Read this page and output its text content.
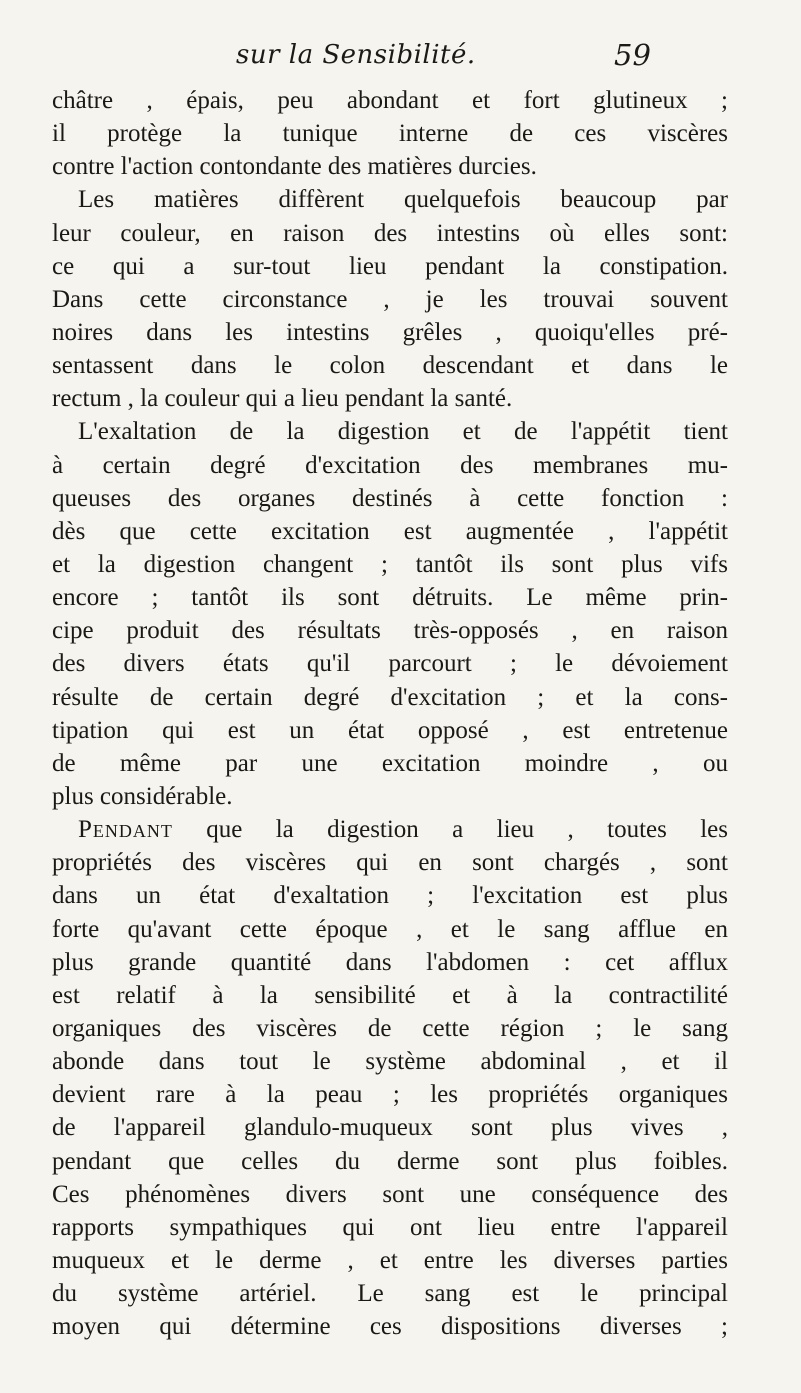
sur la Sensibilité.	59
châtre , épais, peu abondant et fort glutineux ;
il protège la tunique interne de ces viscères
contre l'action contondante des matières durcies.
Les matières diffèrent quelquefois beaucoup par
leur couleur, en raison des intestins où elles sont:
ce qui a sur-tout lieu pendant la constipation.
Dans cette circonstance , je les trouvai souvent
noires dans les intestins grêles , quoiqu'elles pré-
sentassent dans le colon descendant et dans le
rectum , la couleur qui a lieu pendant la santé.
L'exaltation de la digestion et de l'appétit tient
à certain degré d'excitation des membranes mu-
queuses des organes destinés à cette fonction :
dès que cette excitation est augmentée , l'appétit
et la digestion changent ; tantôt ils sont plus vifs
encore ; tantôt ils sont détruits. Le même prin-
cipe produit des résultats très-opposés , en raison
des divers états qu'il parcourt ; le dévoiement
résulte de certain degré d'excitation ; et la cons-
tipation qui est un état opposé , est entretenue
de même par une excitation moindre , ou
plus considérable.
Pendant que la digestion a lieu , toutes les
propriétés des viscères qui en sont chargés , sont
dans un état d'exaltation ; l'excitation est plus
forte qu'avant cette époque , et le sang afflue en
plus grande quantité dans l'abdomen : cet afflux
est relatif à la sensibilité et à la contractilité
organiques des viscères de cette région ; le sang
abonde dans tout le système abdominal , et il
devient rare à la peau ; les propriétés organiques
de l'appareil glandulo-muqueux sont plus vives ,
pendant que celles du derme sont plus foibles.
Ces phénomènes divers sont une conséquence des
rapports sympathiques qui ont lieu entre l'appareil
muqueux et le derme , et entre les diverses parties
du système artériel. Le sang est le principal
moyen qui détermine ces dispositions diverses ;
